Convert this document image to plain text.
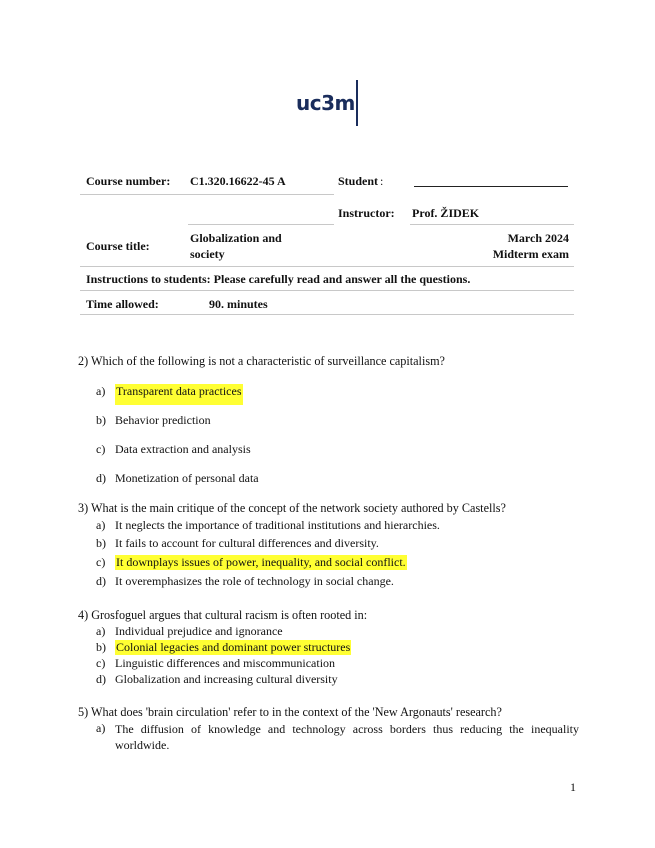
uc3m
Course number: C1.320.16622-45 A	Student :
Instructor: Prof. ŽIDEK
Course title:
Globalization and
society
March 2024
Midterm exam
Instructions to students: Please carefully read and answer all the questions.
Time allowed:	90. minutes
2) Which of the following is not a characteristic of surveillance capitalism?
a) Transparent data practices
b) Behavior prediction
c) Data extraction and analysis
d) Monetization of personal data
3) What is the main critique of the concept of the network society authored by Castells?
a) It neglects the importance of traditional institutions and hierarchies.
b) It fails to account for cultural differences and diversity.
c) It downplays issues of power, inequality, and social conflict.
d) It overemphasizes the role of technology in social change.
4) Grosfoguel argues that cultural racism is often rooted in:
a) Individual prejudice and ignorance
b) Colonial legacies and dominant power structures
c) Linguistic differences and miscommunication
d) Globalization and increasing cultural diversity
5) What does 'brain circulation' refer to in the context of the 'New Argonauts' research?
a) The diffusion of knowledge and technology across borders thus reducing the inequality worldwide.
1
